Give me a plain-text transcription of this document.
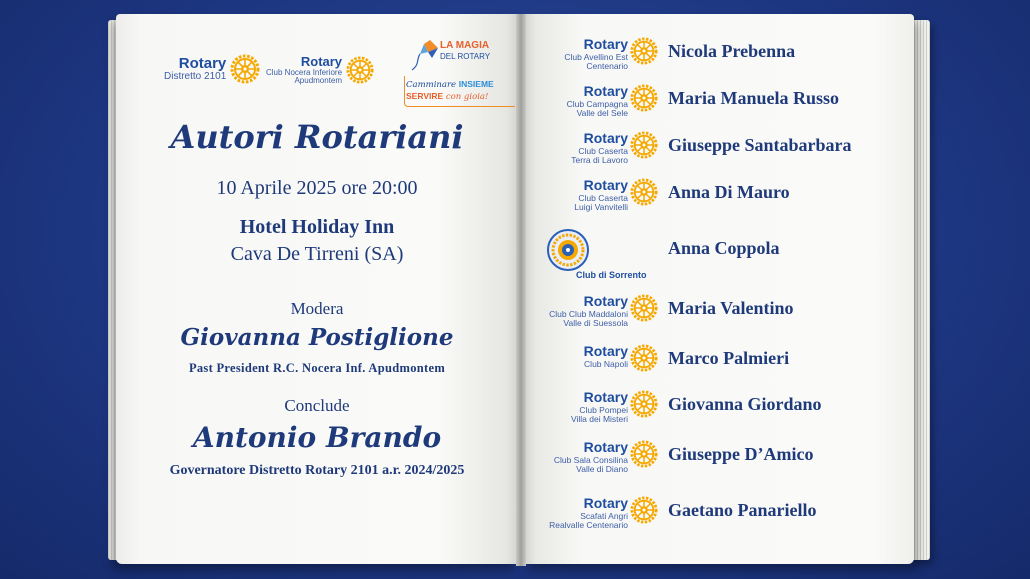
Rotary
Distretto 2101
Rotary
Club Nocera Inferiore
Apudmontem
LA MAGIA
DEL ROTARY
Camminare INSIEME
SERVIRE con gioia!
Autori Rotariani
10 Aprile 2025 ore 20:00
Hotel Holiday Inn
Cava De Tirreni (SA)
Modera
Giovanna Postiglione
Past President R.C. Nocera Inf. Apudmontem
Conclude
Antonio Brando
Governatore Distretto Rotary 2101 a.r. 2024/2025
Rotary
Club Avellino Est
Centenario
Nicola Prebenna
Rotary
Club Campagna
Valle del Sele
Maria Manuela Russo
Rotary
Club Caserta
Terra di Lavoro
Giuseppe Santabarbara
Rotary
Club Caserta
Luigi Vanvitelli
Anna Di Mauro
Club di Sorrento
Anna Coppola
Rotary
Club Club Maddaloni
Valle di Suessola
Maria Valentino
Rotary
Club Napoli Marco Palmieri
Rotary
Club Pompei
Villa dei Misteri
Giovanna Giordano
Rotary
Club Sala Consilina
Valle di Diano
Giuseppe D’Amico
Rotary
Scafati Angri
Realvalle Centenario
Gaetano Panariello
